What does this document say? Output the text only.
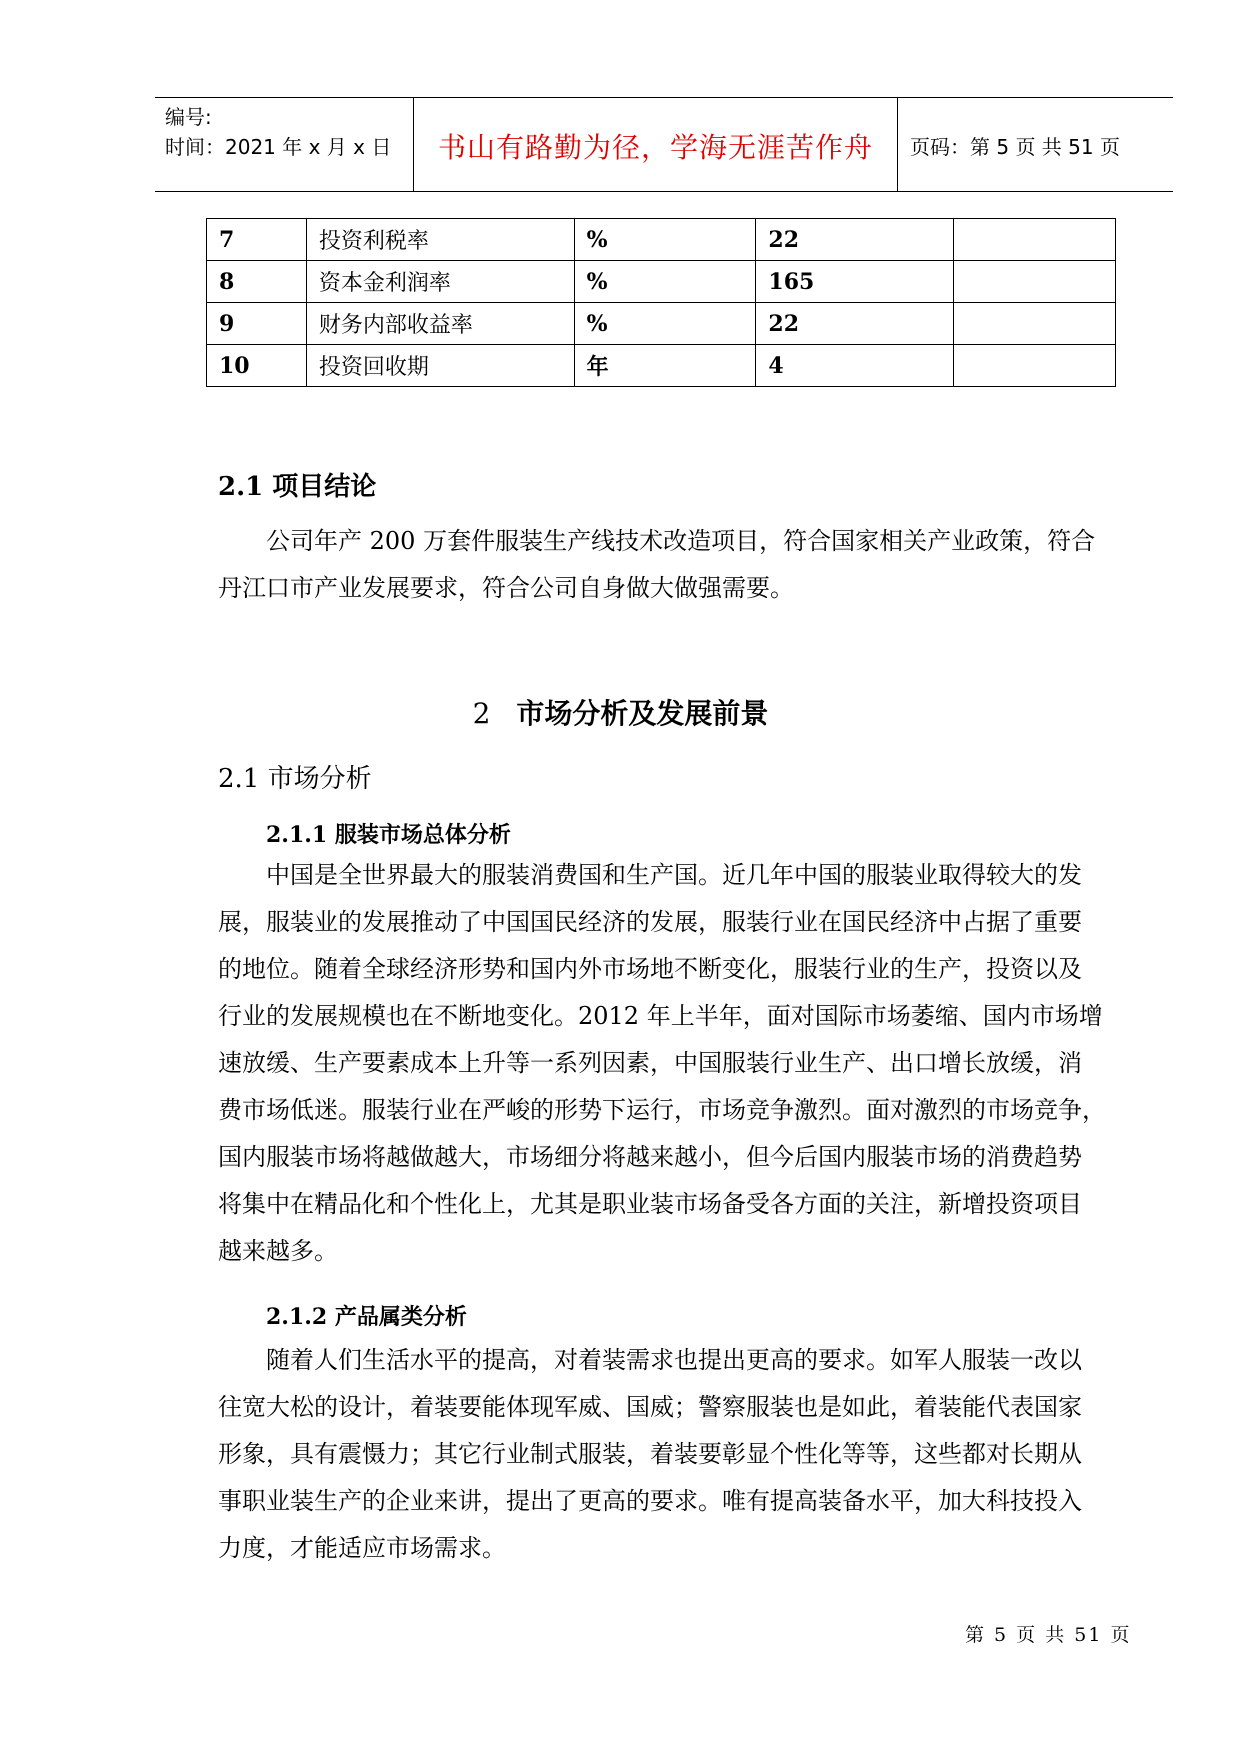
编号:
时间：2021 年 x 月 x 日	书山有路勤为径，学海无涯苦作舟	页码：第 5 页 共 51 页
7	投资利税率	%	22	
8	资本金利润率	%	165	
9	财务内部收益率	%	22	
10	投资回收期	年	4	
2.1 项目结论
公司年产 200 万套件服装生产线技术改造项目，符合国家相关产业政策，符合
丹江口市产业发展要求，符合公司自身做大做强需要。
2 市场分析及发展前景
2.1 市场分析
2.1.1 服装市场总体分析
中国是全世界最大的服装消费国和生产国。近几年中国的服装业取得较大的发
展，服装业的发展推动了中国国民经济的发展，服装行业在国民经济中占据了重要
的地位。随着全球经济形势和国内外市场地不断变化，服装行业的生产，投资以及
行业的发展规模也在不断地变化。2012 年上半年，面对国际市场萎缩、国内市场增
速放缓、生产要素成本上升等一系列因素，中国服装行业生产、出口增长放缓，消
费市场低迷。服装行业在严峻的形势下运行，市场竞争激烈。面对激烈的市场竞争，
国内服装市场将越做越大，市场细分将越来越小，但今后国内服装市场的消费趋势
将集中在精品化和个性化上，尤其是职业装市场备受各方面的关注，新增投资项目
越来越多。
2.1.2 产品属类分析
随着人们生活水平的提高，对着装需求也提出更高的要求。如军人服装一改以
往宽大松的设计，着装要能体现军威、国威；警察服装也是如此，着装能代表国家
形象，具有震慑力；其它行业制式服装，着装要彰显个性化等等，这些都对长期从
事职业装生产的企业来讲，提出了更高的要求。唯有提高装备水平，加大科技投入
力度，才能适应市场需求。
第 5 页 共 51 页
